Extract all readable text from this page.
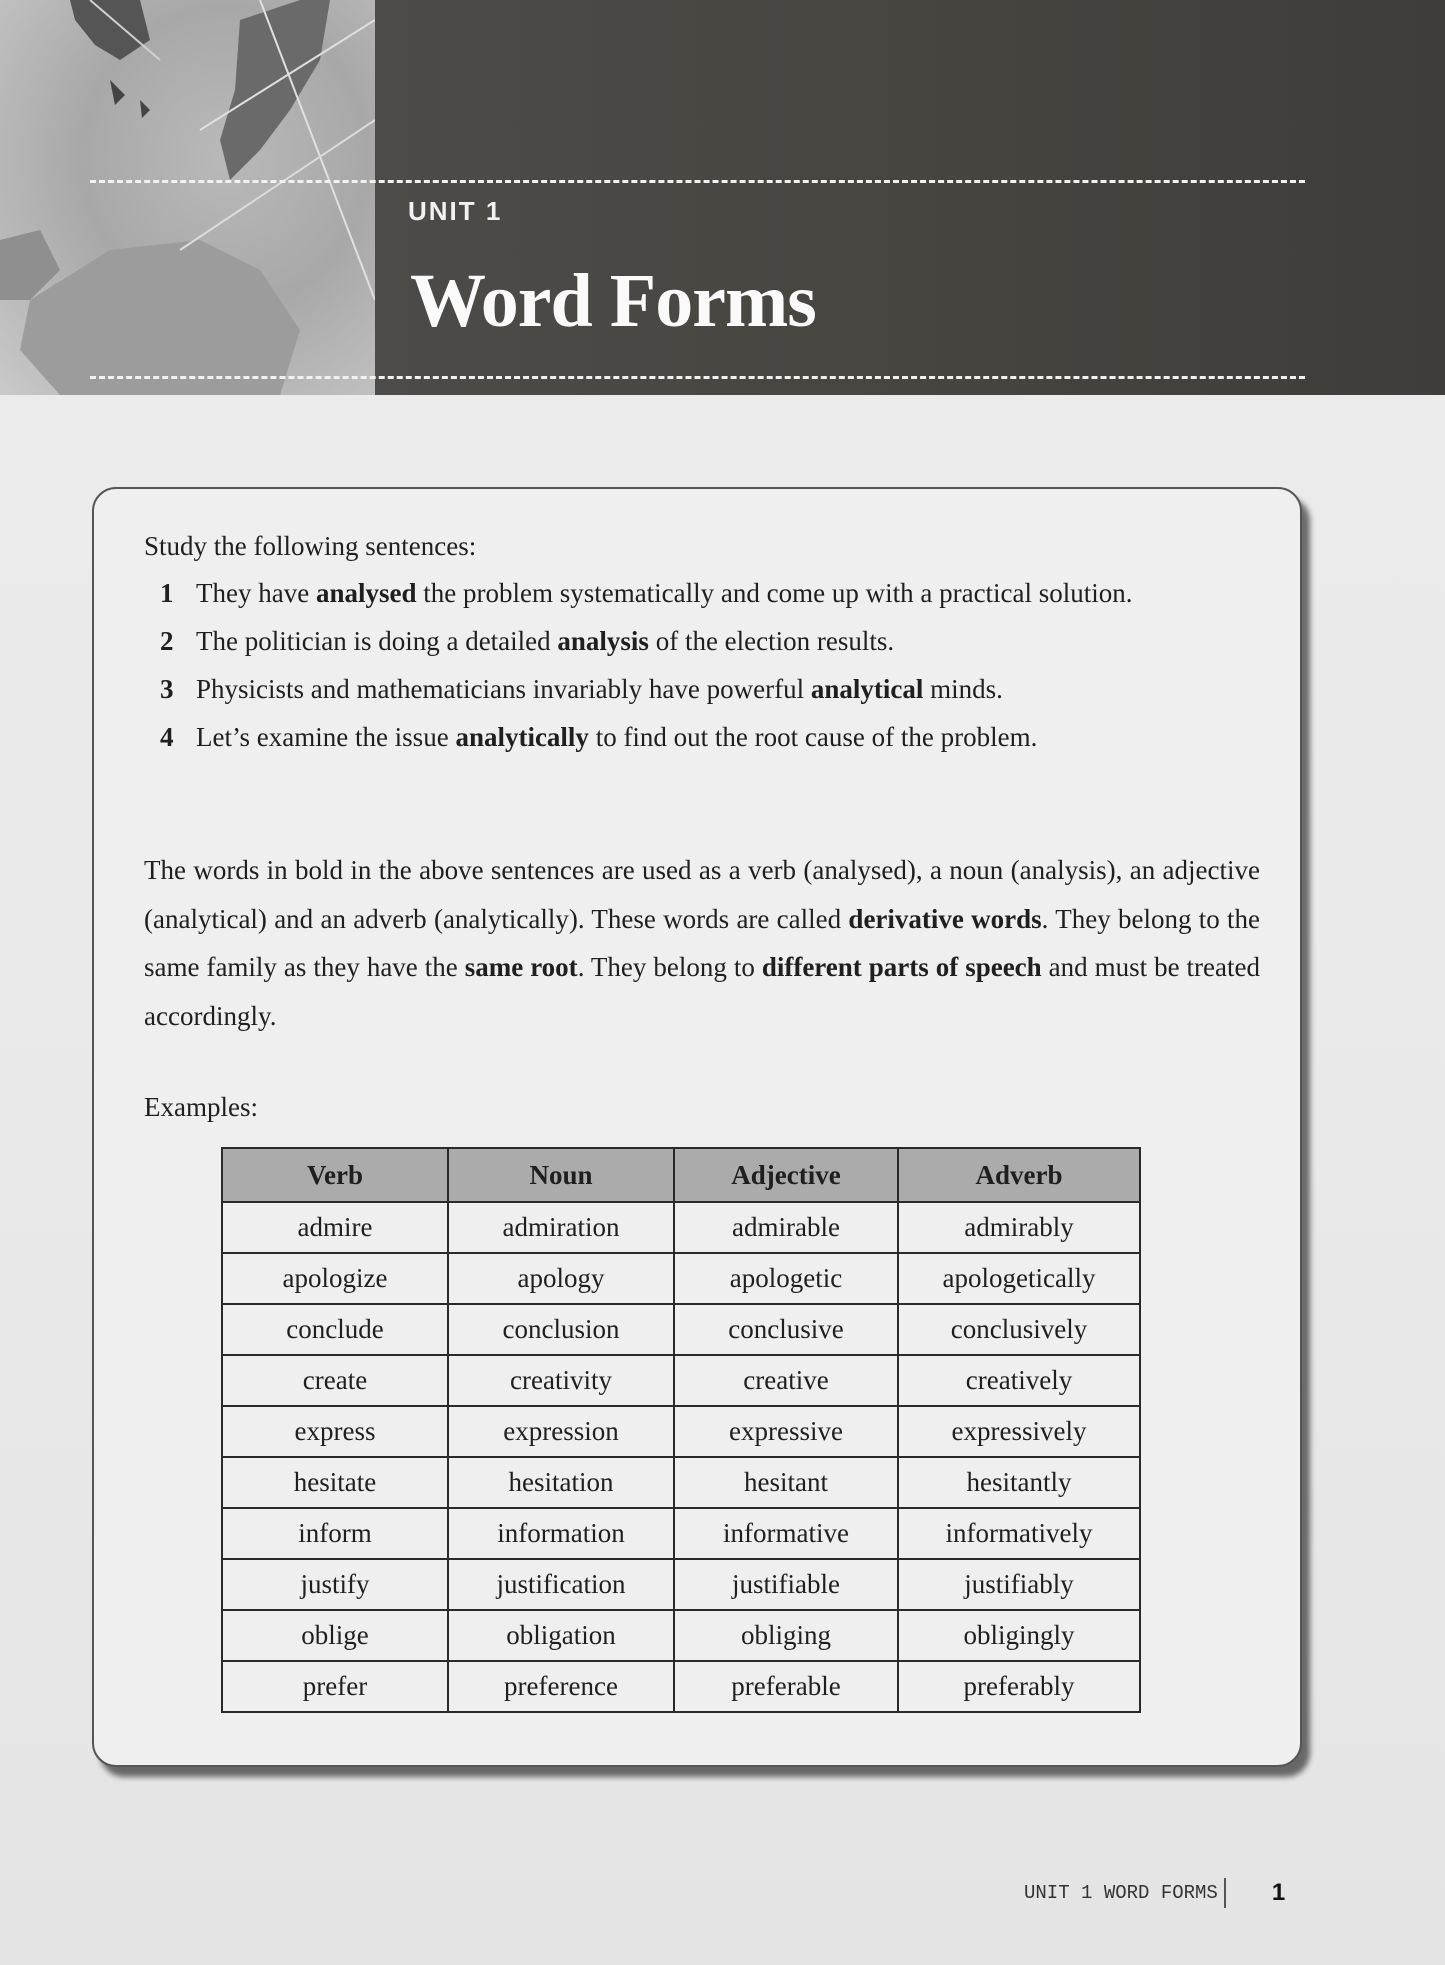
UNIT 1
Word Forms
Study the following sentences:
1 They have analysed the problem systematically and come up with a practical solution.
2 The politician is doing a detailed analysis of the election results.
3 Physicists and mathematicians invariably have powerful analytical minds.
4 Let’s examine the issue analytically to find out the root cause of the problem.
The words in bold in the above sentences are used as a verb (analysed), a noun (analysis), an adjective (analytical) and an adverb (analytically). These words are called derivative words. They belong to the same family as they have the same root. They belong to different parts of speech and must be treated accordingly.
Examples:
Verb	Noun	Adjective	Adverb
admire	admiration	admirable	admirably
apologize	apology	apologetic	apologetically
conclude	conclusion	conclusive	conclusively
create	creativity	creative	creatively
express	expression	expressive	expressively
hesitate	hesitation	hesitant	hesitantly
inform	information	informative	informatively
justify	justification	justifiable	justifiably
oblige	obligation	obliging	obligingly
prefer	preference	preferable	preferably
UNIT 1 WORD FORMS	1
